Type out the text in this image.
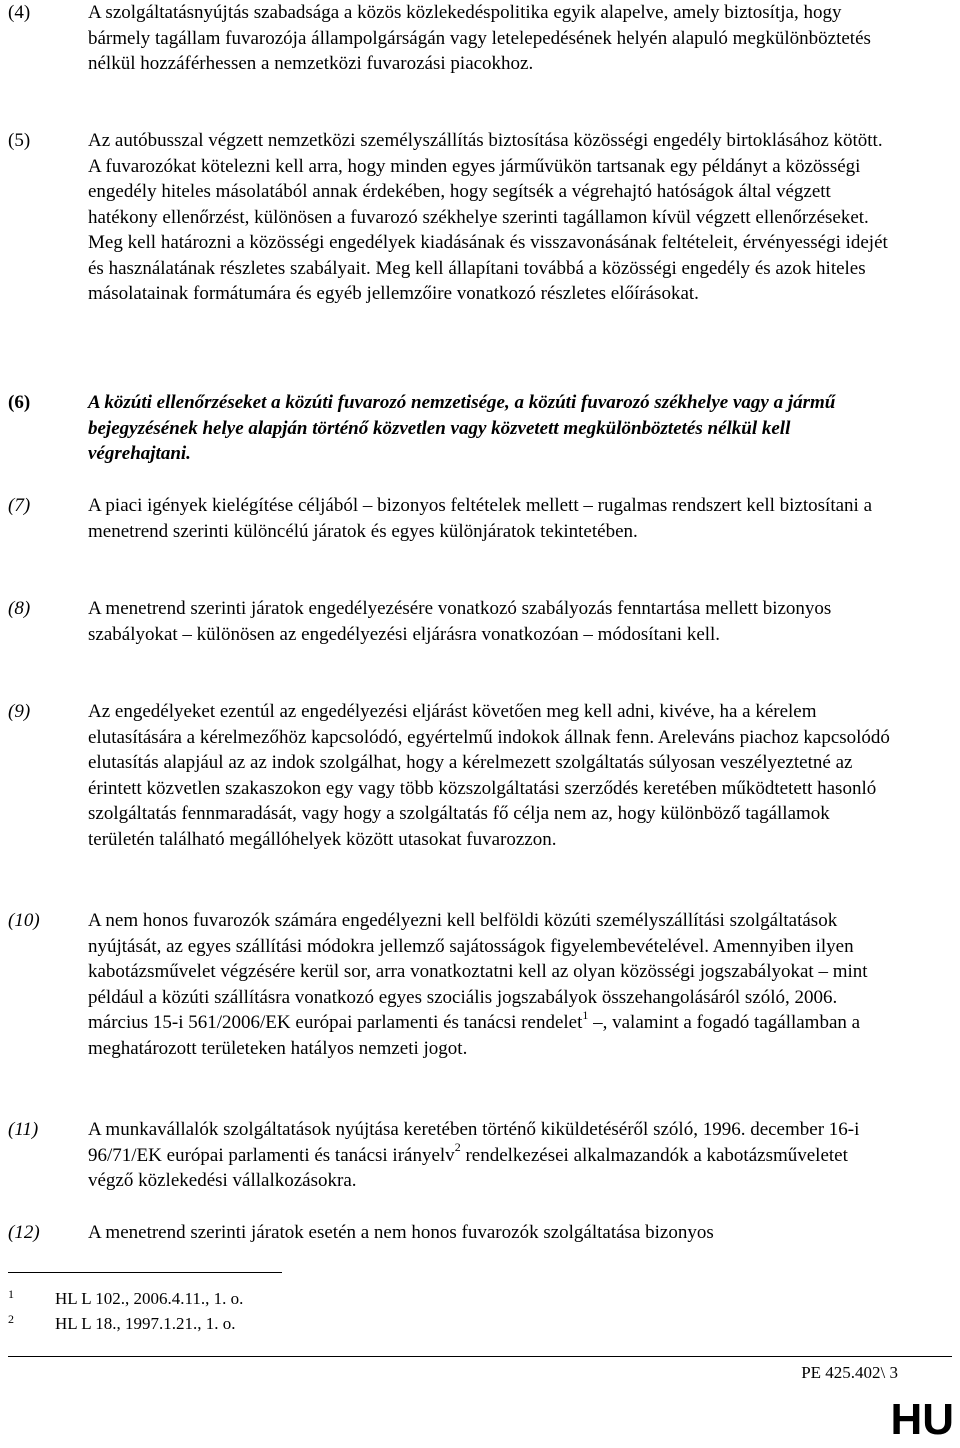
(4)	A szolgáltatásnyújtás szabadsága a közös közlekedéspolitika egyik alapelve, amely biztosítja, hogy bármely tagállam fuvarozója állampolgárságán vagy letelepedésének helyén alapuló megkülönböztetés nélkül hozzáférhessen a nemzetközi fuvarozási piacokhoz.

(5)	Az autóbusszal végzett nemzetközi személyszállítás biztosítása közösségi engedély birtoklásához kötött. A fuvarozókat kötelezni kell arra, hogy minden egyes járművükön tartsanak egy példányt a közösségi engedély hiteles másolatából annak érdekében, hogy segítsék a végrehajtó hatóságok által végzett hatékony ellenőrzést, különösen a fuvarozó székhelye szerinti tagállamon kívül végzett ellenőrzéseket. Meg kell határozni a közösségi engedélyek kiadásának és visszavonásának feltételeit, érvényességi idejét és használatának részletes szabályait. Meg kell állapítani továbbá a közösségi engedély és azok hiteles másolatainak formátumára és egyéb jellemzőire vonatkozó részletes előírásokat.

(6)	A közúti ellenőrzéseket a közúti fuvarozó nemzetisége, a közúti fuvarozó székhelye vagy a jármű bejegyzésének helye alapján történő közvetlen vagy közvetett megkülönböztetés nélkül kell végrehajtani.

(7)	A piaci igények kielégítése céljából – bizonyos feltételek mellett – rugalmas rendszert kell biztosítani a menetrend szerinti különcélú járatok és egyes különjáratok tekintetében.

(8)	A menetrend szerinti járatok engedélyezésére vonatkozó szabályozás fenntartása mellett bizonyos szabályokat – különösen az engedélyezési eljárásra vonatkozóan – módosítani kell.

(9)	Az engedélyeket ezentúl az engedélyezési eljárást követően meg kell adni, kivéve, ha a kérelem elutasítására a kérelmezőhöz kapcsolódó, egyértelmű indokok állnak fenn. Areleváns piachoz kapcsolódó elutasítás alapjául az az indok szolgálhat, hogy a kérelmezett szolgáltatás súlyosan veszélyeztetné az érintett közvetlen szakaszokon egy vagy több közszolgáltatási szerződés keretében működtetett hasonló szolgáltatás fennmaradását, vagy hogy a szolgáltatás fő célja nem az, hogy különböző tagállamok területén található megállóhelyek között utasokat fuvarozzon.

(10)	A nem honos fuvarozók számára engedélyezni kell belföldi közúti személyszállítási szolgáltatások nyújtását, az egyes szállítási módokra jellemző sajátosságok figyelembevételével. Amennyiben ilyen kabotázsművelet végzésére kerül sor, arra vonatkoztatni kell az olyan közösségi jogszabályokat – mint például a közúti szállításra vonatkozó egyes szociális jogszabályok összehangolásáról szóló, 2006. március 15-i 561/2006/EK európai parlamenti és tanácsi rendelet$^1$ –, valamint a fogadó tagállamban a meghatározott területeken hatályos nemzeti jogot.

(11)	A munkavállalók szolgáltatások nyújtása keretében történő kiküldetéséről szóló, 1996. december 16-i 96/71/EK európai parlamenti és tanácsi irányelv$^2$ rendelkezései alkalmazandók a kabotázsműveletet végző közlekedési vállalkozásokra.

(12)	A menetrend szerinti járatok esetén a nem honos fuvarozók szolgáltatása bizonyos

1 HL L 102., 2006.4.11., 1. o.
2 HL L 18., 1997.1.21., 1. o.
PE 425.402\ 3
HU
